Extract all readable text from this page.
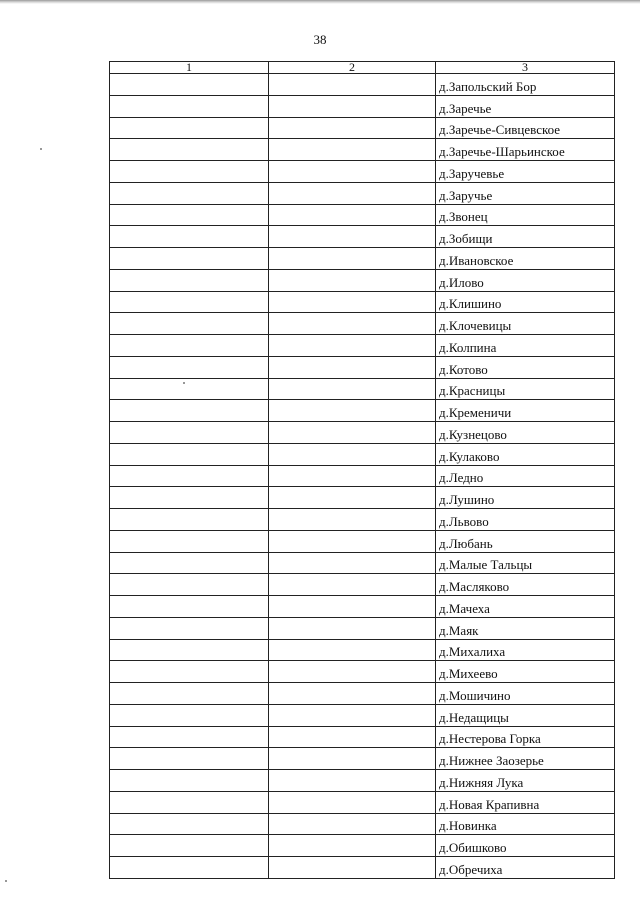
38
1	2	3
		д.Запольский Бор
		д.Заречье
		д.Заречье-Сивцевское
		д.Заречье-Шарьинское
		д.Заручевье
		д.Заручье
		д.Звонец
		д.Зобищи
		д.Ивановское
		д.Илово
		д.Клишино
		д.Клочевицы
		д.Колпина
		д.Котово
		д.Красницы
		д.Кременичи
		д.Кузнецово
		д.Кулаково
		д.Ледно
		д.Лушино
		д.Львово
		д.Любань
		д.Малые Тальцы
		д.Масляково
		д.Мачеха
		д.Маяк
		д.Михалиха
		д.Михеево
		д.Мошичино
		д.Недащицы
		д.Нестерова Горка
		д.Нижнее Заозерье
		д.Нижняя Лука
		д.Новая Крапивна
		д.Новинка
		д.Обишково
		д.Обречиха
